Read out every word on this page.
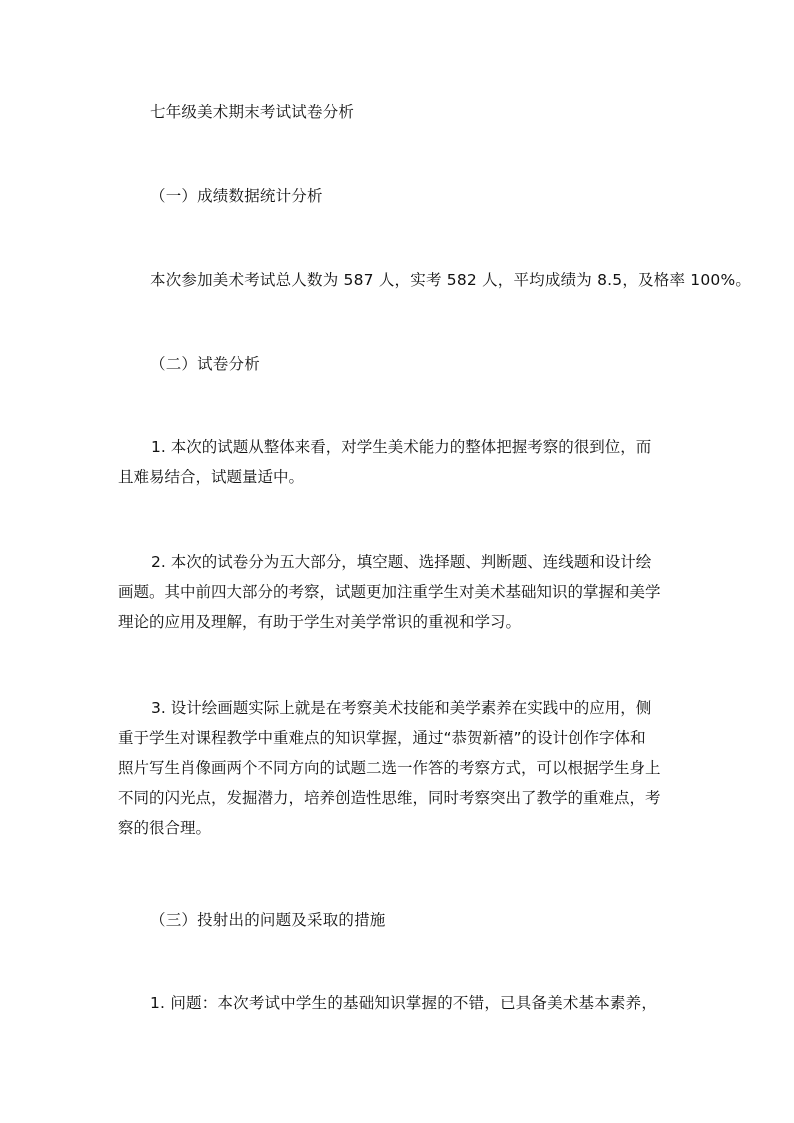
七年级美术期末考试试卷分析
（一）成绩数据统计分析
本次参加美术考试总人数为 587 人，实考 582 人，平均成绩为 8.5，及格率 100%。
（二）试卷分析
1. 本次的试题从整体来看，对学生美术能力的整体把握考察的很到位，而
且难易结合，试题量适中。
2. 本次的试卷分为五大部分，填空题、选择题、判断题、连线题和设计绘
画题。其中前四大部分的考察，试题更加注重学生对美术基础知识的掌握和美学
理论的应用及理解，有助于学生对美学常识的重视和学习。
3. 设计绘画题实际上就是在考察美术技能和美学素养在实践中的应用，侧
重于学生对课程教学中重难点的知识掌握，通过“恭贺新禧”的设计创作字体和
照片写生肖像画两个不同方向的试题二选一作答的考察方式，可以根据学生身上
不同的闪光点，发掘潜力，培养创造性思维，同时考察突出了教学的重难点，考
察的很合理。
（三）投射出的问题及采取的措施
1. 问题：本次考试中学生的基础知识掌握的不错，已具备美术基本素养，
